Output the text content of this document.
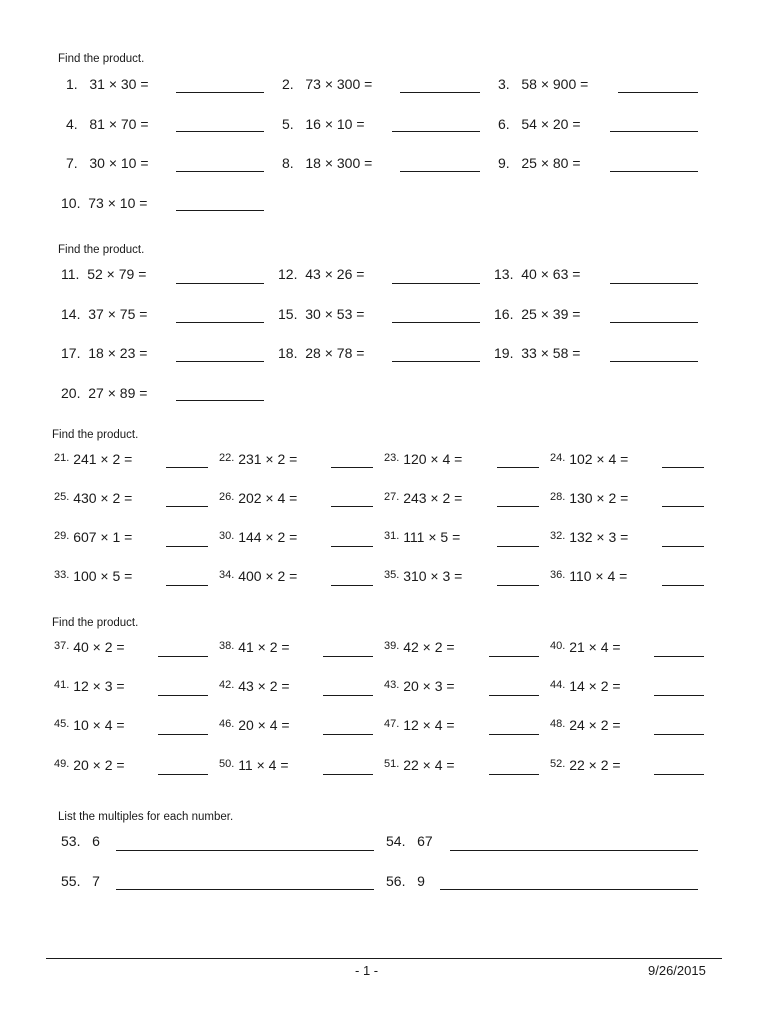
Find the product.
1. 31 × 30 =	2. 73 × 300 =	3. 58 × 900 =
4. 81 × 70 =	5. 16 × 10 =	6. 54 × 20 =
7. 30 × 10 =	8. 18 × 300 =	9. 25 × 80 =
10. 73 × 10 =
Find the product.
11. 52 × 79 =	12. 43 × 26 =	13. 40 × 63 =
14. 37 × 75 =	15. 30 × 53 =	16. 25 × 39 =
17. 18 × 23 =	18. 28 × 78 =	19. 33 × 58 =
20. 27 × 89 =
Find the product.
21. 241 × 2 =	22. 231 × 2 =	23. 120 × 4 =	24. 102 × 4 =
25. 430 × 2 =	26. 202 × 4 =	27. 243 × 2 =	28. 130 × 2 =
29. 607 × 1 =	30. 144 × 2 =	31. 111 × 5 =	32. 132 × 3 =
33. 100 × 5 =	34. 400 × 2 =	35. 310 × 3 =	36. 110 × 4 =
Find the product.
37. 40 × 2 =	38. 41 × 2 =	39. 42 × 2 =	40. 21 × 4 =
41. 12 × 3 =	42. 43 × 2 =	43. 20 × 3 =	44. 14 × 2 =
45. 10 × 4 =	46. 20 × 4 =	47. 12 × 4 =	48. 24 × 2 =
49. 20 × 2 =	50. 11 × 4 =	51. 22 × 4 =	52. 22 × 2 =
List the multiples for each number.
53. 6	54. 67
55. 7	56. 9
- 1 -	9/26/2015
